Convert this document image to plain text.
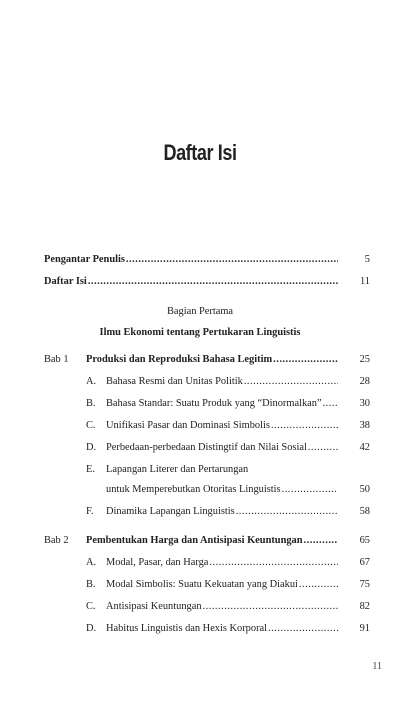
Daftar Isi
Pengantar Penulis .....	5
Daftar Isi .....	11
Bagian Pertama
Ilmu Ekonomi tentang Pertukaran Linguistis
Bab 1 Produksi dan Reproduksi Bahasa Legitim .....	25
A. Bahasa Resmi dan Unitas Politik .....	28
B. Bahasa Standar: Suatu Produk yang “Dinormalkan” .....	30
C. Unifikasi Pasar dan Dominasi Simbolis .....	38
D. Perbedaan-perbedaan Distingtif dan Nilai Sosial .....	42
E. Lapangan Literer dan Pertarungan
untuk Memperebutkan Otoritas Linguistis .....	50
F. Dinamika Lapangan Linguistis .....	58
Bab 2 Pembentukan Harga dan Antisipasi Keuntungan .....	65
A. Modal, Pasar, dan Harga .....	67
B. Modal Simbolis: Suatu Kekuatan yang Diakui .....	75
C. Antisipasi Keuntungan .....	82
D. Habitus Linguistis dan Hexis Korporal .....	91
11
